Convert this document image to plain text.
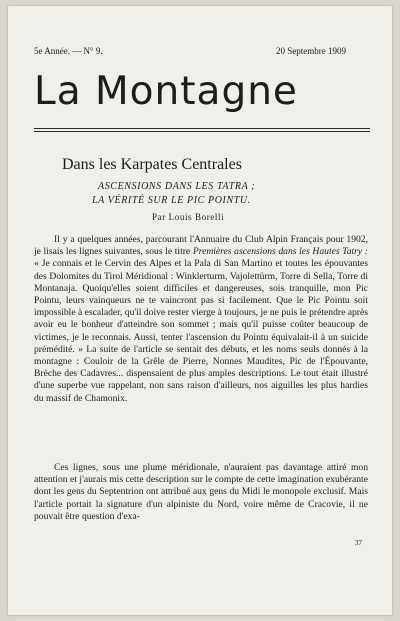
5e Année. — N° 9.	20 Septembre 1909
La Montagne
Dans les Karpates Centrales
ASCENSIONS DANS LES TATRA ;
LA VÉRITÉ SUR LE PIC POINTU.
Par Louis Borelli

Il y a quelques années, parcourant l'Annuaire du Club Alpin Français pour 1902, je lisais les lignes suivantes, sous le titre Premières ascensions dans les Hautes Tatry : « Je connais et le Cervin des Alpes et la Pala di San Martino et toutes les épouvantes des Dolomites du Tirol Méridional : Winklerturm, Vajolettürm, Torre di Sella, Torre di Montanaja. Quoiqu'elles soient difficiles et dangereuses, sois tranquille, mon Pic Pointu, leurs vainqueurs ne te vaincront pas si facilement. Que le Pic Pointu soit impossible à escalader, qu'il doive rester vierge à toujours, je ne puis le prétendre après avoir eu le bonheur d'atteindre son sommet ; mais qu'il puisse coûter beaucoup de victimes, je le reconnais. Aussi, tenter l'ascension du Pointu équivalait-il à un suicide prémédité. » La suite de l'article se sentait des débuts, et les noms seuls donnés à la montagne : Couloir de la Grêle de Pierre, Nonnes Maudites, Pic de l'Épouvante, Brèche des Cadavres... dispensaient de plus amples descriptions. Le tout était illustré d'une superbe vue rappelant, non sans raison d'ailleurs, nos aiguilles les plus hardies du massif de Chamonix.

Ces lignes, sous une plume méridionale, n'auraient pas davantage attiré mon attention et j'aurais mis cette description sur le compte de cette imagination exubérante dont les gens du Septentrion ont attribué aux gens du Midi le monopole exclusif. Mais l'article portait la signature d'un alpiniste du Nord, voire même de Cracovie, il ne pouvait être question d'exa-

37
